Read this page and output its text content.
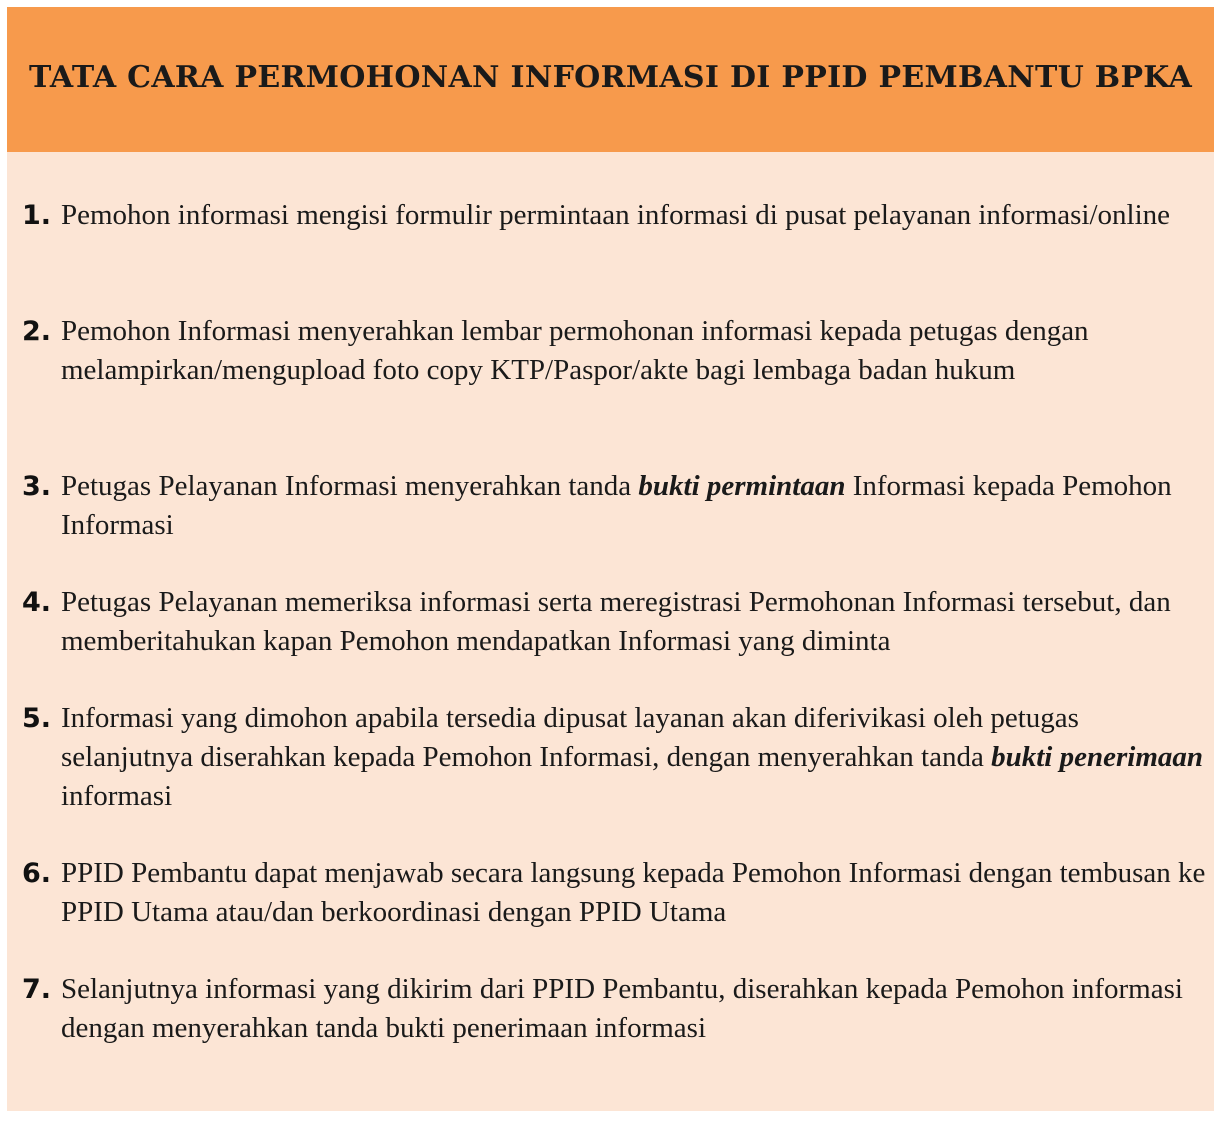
TATA CARA PERMOHONAN INFORMASI DI PPID PEMBANTU BPKA
1. Pemohon informasi mengisi formulir permintaan informasi di pusat pelayanan informasi/online
2. Pemohon Informasi menyerahkan lembar permohonan informasi kepada petugas dengan melampirkan/mengupload foto copy KTP/Paspor/akte bagi lembaga badan hukum
3. Petugas Pelayanan Informasi menyerahkan tanda bukti permintaan Informasi kepada Pemohon Informasi
4. Petugas Pelayanan memeriksa informasi serta meregistrasi Permohonan Informasi tersebut, dan memberitahukan kapan Pemohon mendapatkan Informasi yang diminta
5. Informasi yang dimohon apabila tersedia dipusat layanan akan diferivikasi oleh petugas selanjutnya diserahkan kepada Pemohon Informasi, dengan menyerahkan tanda bukti penerimaan  informasi
6. PPID Pembantu dapat menjawab secara langsung kepada Pemohon Informasi dengan tembusan ke PPID Utama atau/dan berkoordinasi dengan PPID Utama
7. Selanjutnya informasi yang dikirim dari PPID Pembantu, diserahkan kepada Pemohon informasi dengan menyerahkan tanda bukti penerimaan informasi
